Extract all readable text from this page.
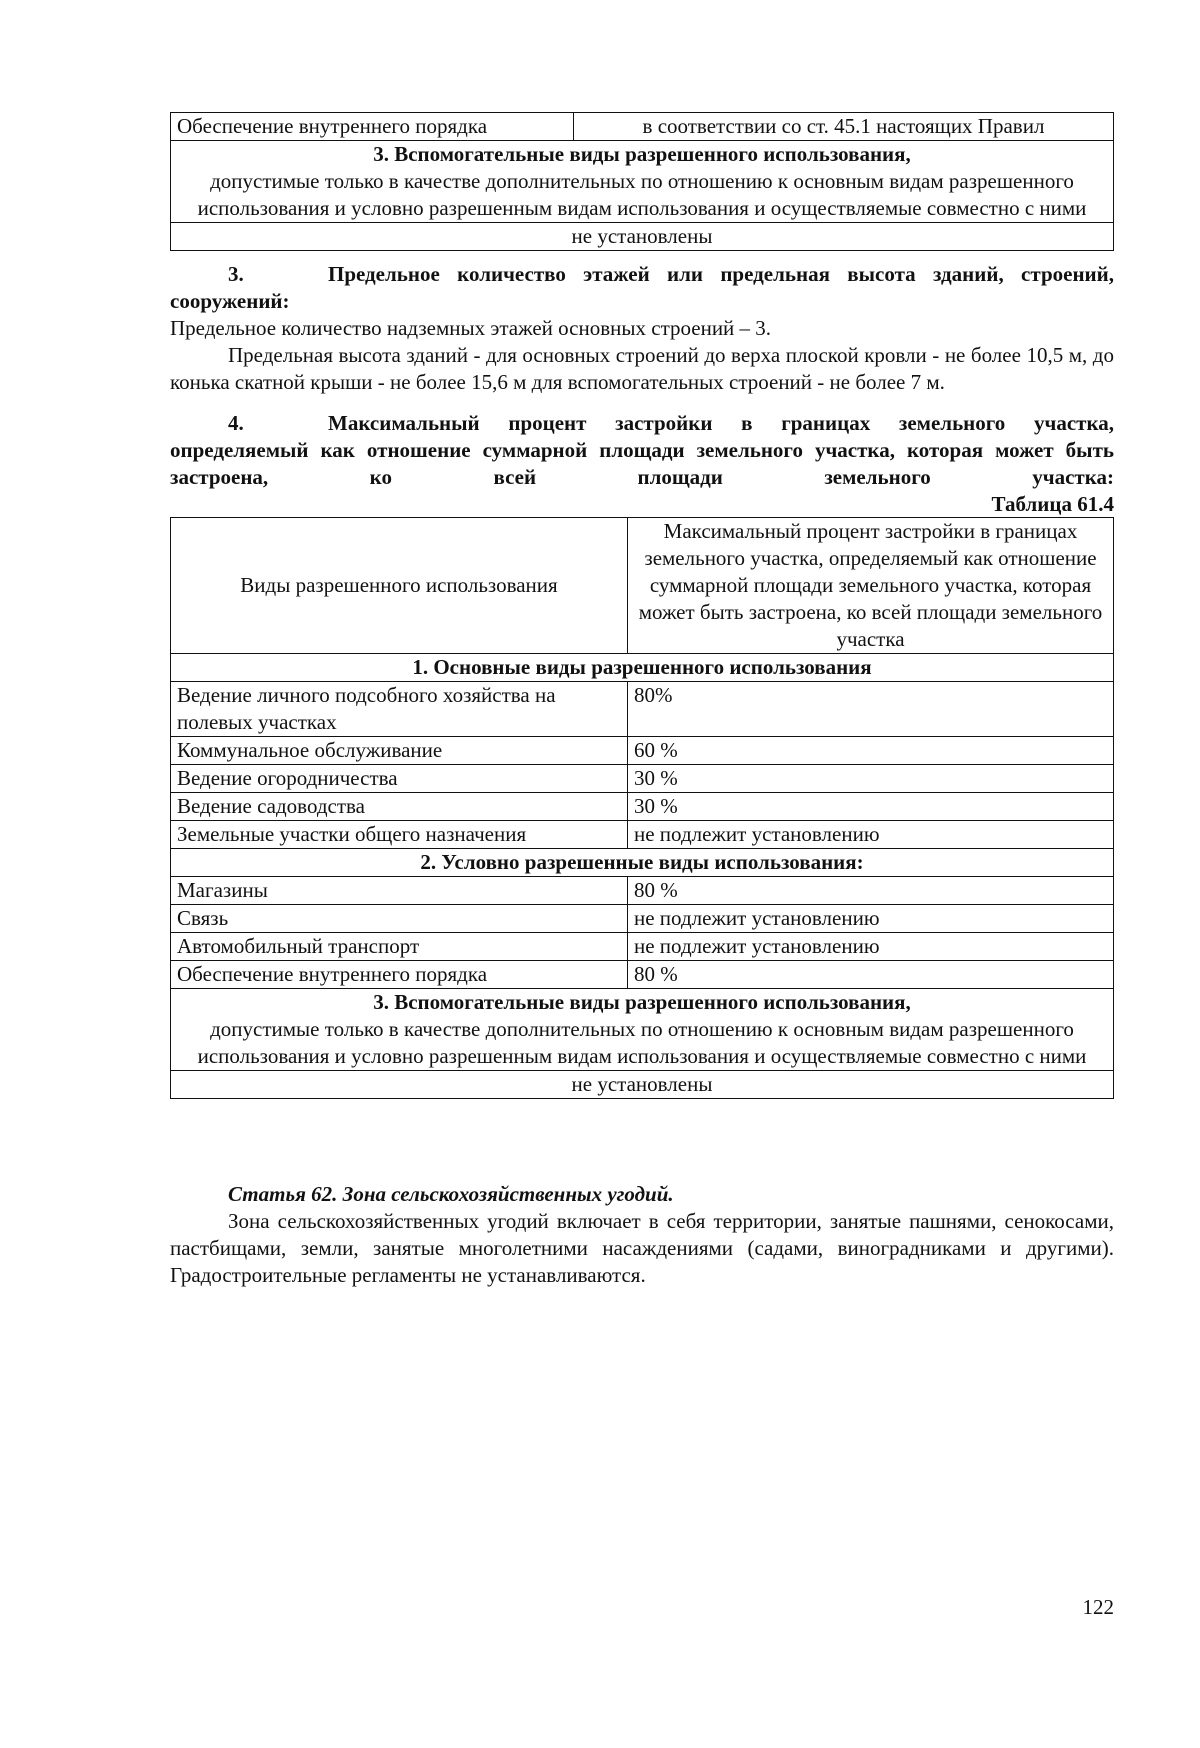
Обеспечение внутреннего порядка	в соответствии со ст. 45.1 настоящих Правил

3. Вспомогательные виды разрешенного использования,
допустимые только в качестве дополнительных по отношению к основным видам разрешенного использования и условно разрешенным видам использования и осуществляемые совместно с ними

не установлены

3.	Предельное количество этажей или предельная высота зданий, строений, сооружений:

Предельное количество надземных этажей основных строений – 3.

Предельная высота зданий - для основных строений до верха плоской кровли - не более 10,5 м, до конька скатной крыши - не более 15,6 м для вспомогательных строений - не более 7 м.

4.	Максимальный процент застройки в границах земельного участка, определяемый как отношение суммарной площади земельного участка, которая может быть застроена, ко всей площади земельного участка:

Таблица 61.4
Виды разрешенного использования	Максимальный процент застройки в границах земельного участка, определяемый как отношение суммарной площади земельного участка, которая может быть застроена, ко всей площади земельного участка
1. Основные виды разрешенного использования	
Ведение личного подсобного хозяйства на полевых участках	80%
Коммунальное обслуживание	60 %
Ведение огородничества	30 %
Ведение садоводства	30 %
Земельные участки общего назначения	не подлежит установлению
2. Условно разрешенные виды использования:	
Магазины	80 %
Связь	не подлежит установлению
Автомобильный транспорт	не подлежит установлению
Обеспечение внутреннего порядка	80 %

3. Вспомогательные виды разрешенного использования,
допустимые только в качестве дополнительных по отношению к основным видам разрешенного использования и условно разрешенным видам использования и осуществляемые совместно с ними	

не установлены	

Статья 62. Зона сельскохозяйственных угодий.

Зона сельскохозяйственных угодий включает в себя территории, занятые пашнями, сенокосами, пастбищами, земли, занятые многолетними насаждениями (садами, виноградниками и другими). Градостроительные регламенты не устанавливаются.

122
